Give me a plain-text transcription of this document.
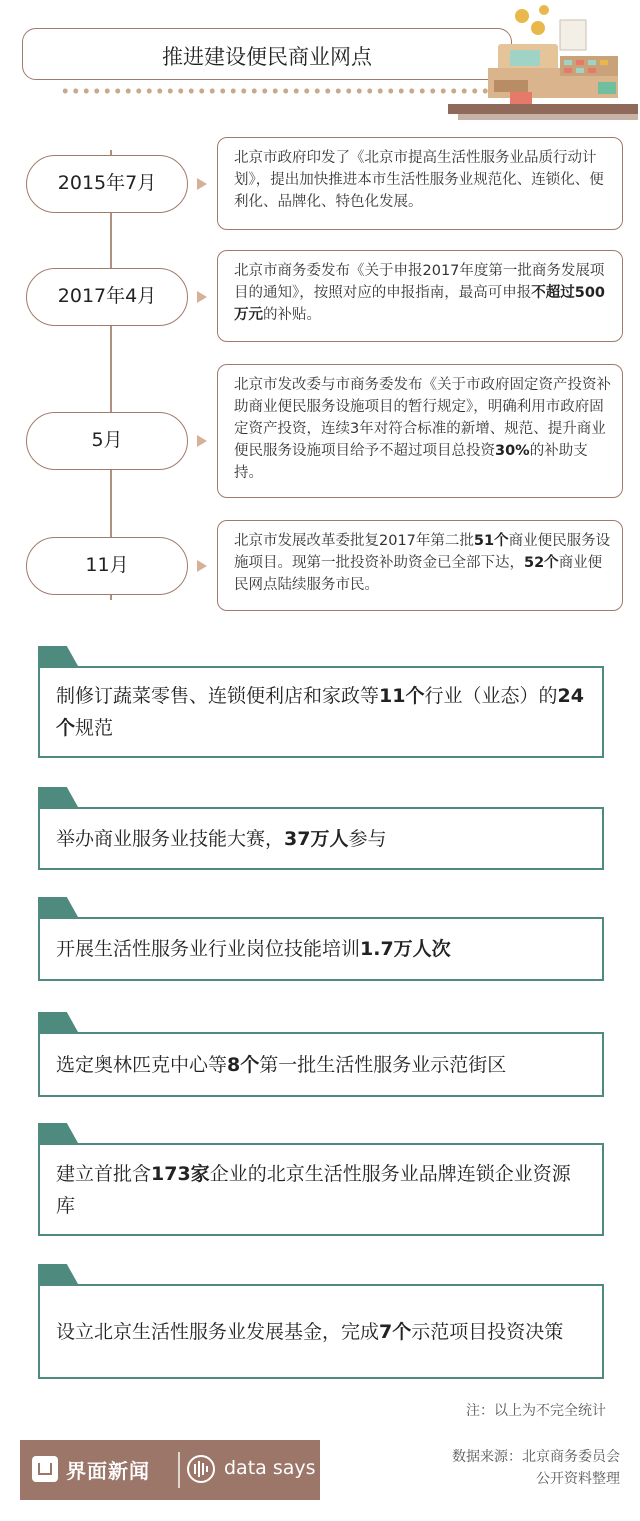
推进建设便民商业网点
2015年7月
北京市政府印发了《北京市提高生活性服务业品质行动计划》，提出加快推进本市生活性服务业规范化、连锁化、便利化、品牌化、特色化发展。
2017年4月
北京市商务委发布《关于申报2017年度第一批商务发展项目的通知》，按照对应的申报指南，最高可申报不超过500万元的补贴。
5月
北京市发改委与市商务委发布《关于市政府固定资产投资补助商业便民服务设施项目的暂行规定》，明确利用市政府固定资产投资，连续3年对符合标准的新增、规范、提升商业便民服务设施项目给予不超过项目总投资30%的补助支持。
11月
北京市发展改革委批复2017年第二批51个商业便民服务设施项目。现第一批投资补助资金已全部下达，52个商业便民网点陆续服务市民。
制修订蔬菜零售、连锁便利店和家政等11个行业（业态）的24个规范
举办商业服务业技能大赛，37万人参与
开展生活性服务业行业岗位技能培训1.7万人次
选定奥林匹克中心等8个第一批生活性服务业示范街区
建立首批含173家企业的北京生活性服务业品牌连锁企业资源库
设立北京生活性服务业发展基金，完成7个示范项目投资决策
注：以上为不完全统计
界面新闻	data says	数据来源：北京商务委员会
公开资料整理
